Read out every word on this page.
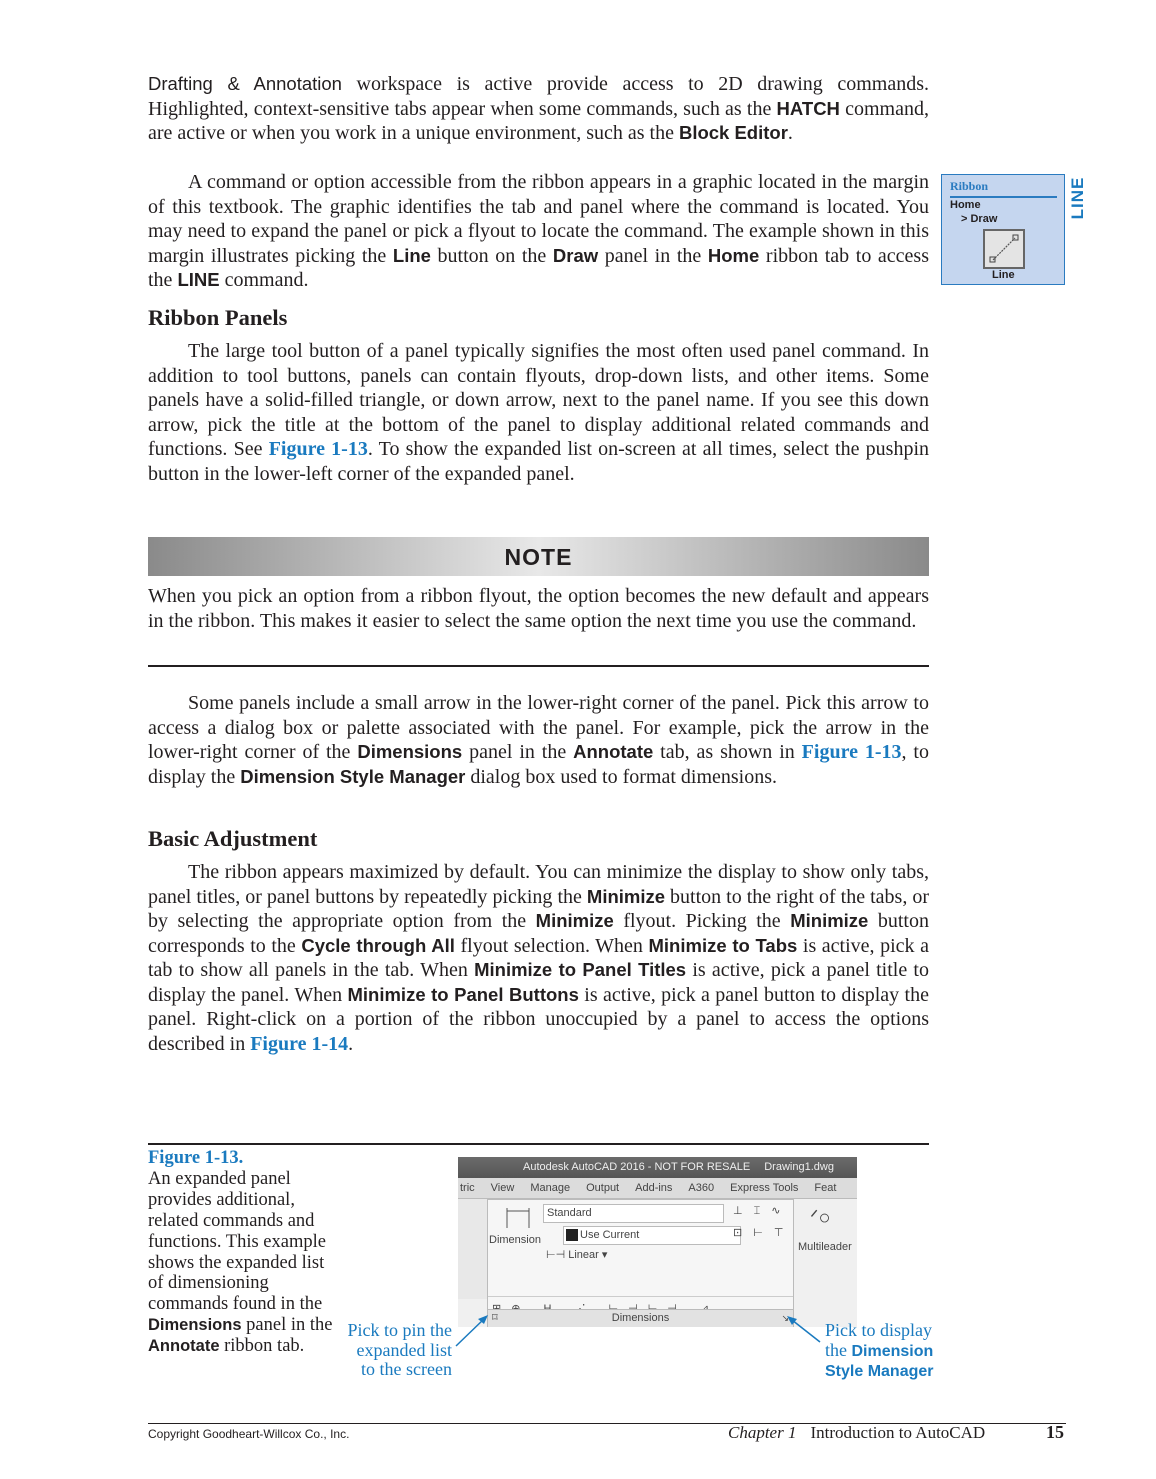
Drafting & Annotation workspace is active provide access to 2D drawing commands. Highlighted, context-sensitive tabs appear when some commands, such as the HATCH command, are active or when you work in a unique environment, such as the Block Editor.
A command or option accessible from the ribbon appears in a graphic located in the margin of this textbook. The graphic identifies the tab and panel where the command is located. You may need to expand the panel or pick a flyout to locate the command. The example shown in this margin illustrates picking the Line button on the Draw panel in the Home ribbon tab to access the LINE command.
Ribbon
Home
> Draw
Line
LINE
Ribbon Panels
The large tool button of a panel typically signifies the most often used panel command. In addition to tool buttons, panels can contain flyouts, drop-down lists, and other items. Some panels have a solid-filled triangle, or down arrow, next to the panel name. If you see this down arrow, pick the title at the bottom of the panel to display additional related commands and functions. See Figure 1-13. To show the expanded list on-screen at all times, select the pushpin button in the lower-left corner of the expanded panel.
NOTE
When you pick an option from a ribbon flyout, the option becomes the new default and appears in the ribbon. This makes it easier to select the same option the next time you use the command.
Some panels include a small arrow in the lower-right corner of the panel. Pick this arrow to access a dialog box or palette associated with the panel. For example, pick the arrow in the lower-right corner of the Dimensions panel in the Annotate tab, as shown in Figure 1-13, to display the Dimension Style Manager dialog box used to format dimensions.
Basic Adjustment
The ribbon appears maximized by default. You can minimize the display to show only tabs, panel titles, or panel buttons by repeatedly picking the Minimize button to the right of the tabs, or by selecting the appropriate option from the Minimize flyout. Picking the Minimize button corresponds to the Cycle through All flyout selection. When Minimize to Tabs is active, pick a tab to show all panels in the tab. When Minimize to Panel Titles is active, pick a panel title to display the panel. When Minimize to Panel Buttons is active, pick a panel button to display the panel. Right-click on a portion of the ribbon unoccupied by a panel to access the options described in Figure 1-14.
Figure 1-13.
An expanded panel provides additional, related commands and functions. This example shows the expanded list of dimensioning commands found in the Dimensions panel in the Annotate ribbon tab.
Autodesk AutoCAD 2016 - NOT FOR RESALE Drawing1.dwg
tric View Manage Output Add-ins A360 Express Tools Feat
Dimension
Standard
Use Current
⊢⊣ Linear ▾
⊥ ⌶ ∿
⊡ ⊢ ⊤
⌑	Dimensions	↘
Multileader
ᐟ○
Pick to pin the expanded list to the screen
Pick to display the Dimension Style Manager
Copyright Goodheart-Willcox Co., Inc.	Chapter 1 Introduction to AutoCAD	15
